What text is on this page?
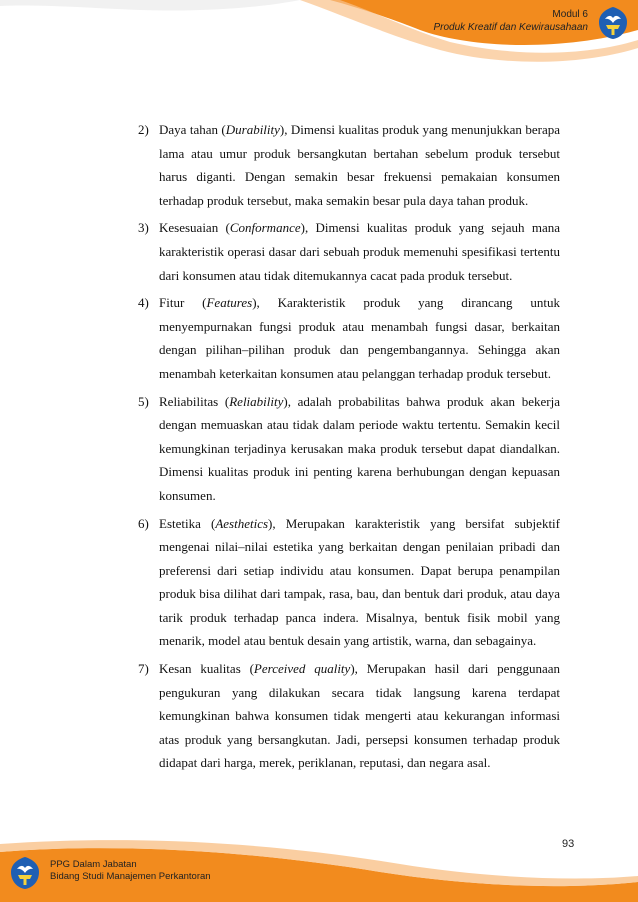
Modul 6
Produk Kreatif dan Kewirausahaan
2) Daya tahan (Durability), Dimensi kualitas produk yang menunjukkan berapa lama atau umur produk bersangkutan bertahan sebelum produk tersebut harus diganti. Dengan semakin besar frekuensi pemakaian konsumen terhadap produk tersebut, maka semakin besar pula daya tahan produk.
3) Kesesuaian (Conformance), Dimensi kualitas produk yang sejauh mana karakteristik operasi dasar dari sebuah produk memenuhi spesifikasi tertentu dari konsumen atau tidak ditemukannya cacat pada produk tersebut.
4) Fitur (Features), Karakteristik produk yang dirancang untuk menyempurnakan fungsi produk atau menambah fungsi dasar, berkaitan dengan pilihan–pilihan produk dan pengembangannya. Sehingga akan menambah keterkaitan konsumen atau pelanggan terhadap produk tersebut.
5) Reliabilitas (Reliability), adalah probabilitas bahwa produk akan bekerja dengan memuaskan atau tidak dalam periode waktu tertentu. Semakin kecil kemungkinan terjadinya kerusakan maka produk tersebut dapat diandalkan. Dimensi kualitas produk ini penting karena berhubungan dengan kepuasan konsumen.
6) Estetika (Aesthetics), Merupakan karakteristik yang bersifat subjektif mengenai nilai–nilai estetika yang berkaitan dengan penilaian pribadi dan preferensi dari setiap individu atau konsumen. Dapat berupa penampilan produk bisa dilihat dari tampak, rasa, bau, dan bentuk dari produk, atau daya tarik produk terhadap panca indera. Misalnya, bentuk fisik mobil yang menarik, model atau bentuk desain yang artistik, warna, dan sebagainya.
7) Kesan kualitas (Perceived quality), Merupakan hasil dari penggunaan pengukuran yang dilakukan secara tidak langsung karena terdapat kemungkinan bahwa konsumen tidak mengerti atau kekurangan informasi atas produk yang bersangkutan. Jadi, persepsi konsumen terhadap produk didapat dari harga, merek, periklanan, reputasi, dan negara asal.
93
PPG Dalam Jabatan
Bidang Studi Manajemen Perkantoran
